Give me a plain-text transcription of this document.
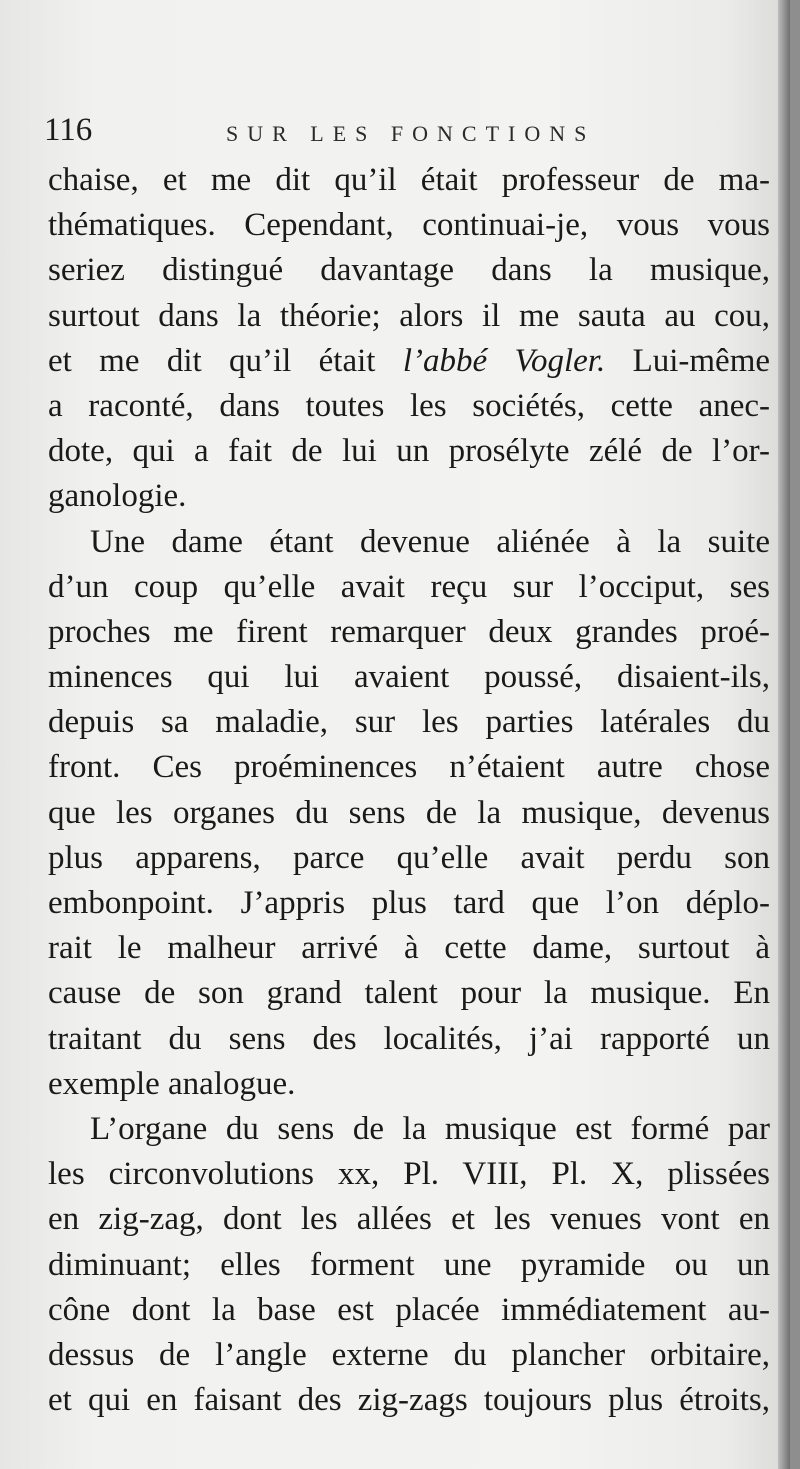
116	SUR LES FONCTIONS
chaise, et me dit qu’il était professeur de ma-
thématiques. Cependant, continuai-je, vous vous
seriez distingué davantage dans la musique,
surtout dans la théorie; alors il me sauta au cou,
et me dit qu’il était l’abbé Vogler. Lui-même
a raconté, dans toutes les sociétés, cette anec-
dote, qui a fait de lui un prosélyte zélé de l’or-
ganologie.
Une dame étant devenue aliénée à la suite
d’un coup qu’elle avait reçu sur l’occiput, ses
proches me firent remarquer deux grandes proé-
minences qui lui avaient poussé, disaient-ils,
depuis sa maladie, sur les parties latérales du
front. Ces proéminences n’étaient autre chose
que les organes du sens de la musique, devenus
plus apparens, parce qu’elle avait perdu son
embonpoint. J’appris plus tard que l’on déplo-
rait le malheur arrivé à cette dame, surtout à
cause de son grand talent pour la musique. En
traitant du sens des localités, j’ai rapporté un
exemple analogue.
L’organe du sens de la musique est formé par
les circonvolutions xx, Pl. VIII, Pl. X, plissées
en zig-zag, dont les allées et les venues vont en
diminuant; elles forment une pyramide ou un
cône dont la base est placée immédiatement au-
dessus de l’angle externe du plancher orbitaire,
et qui en faisant des zig-zags toujours plus étroits,
